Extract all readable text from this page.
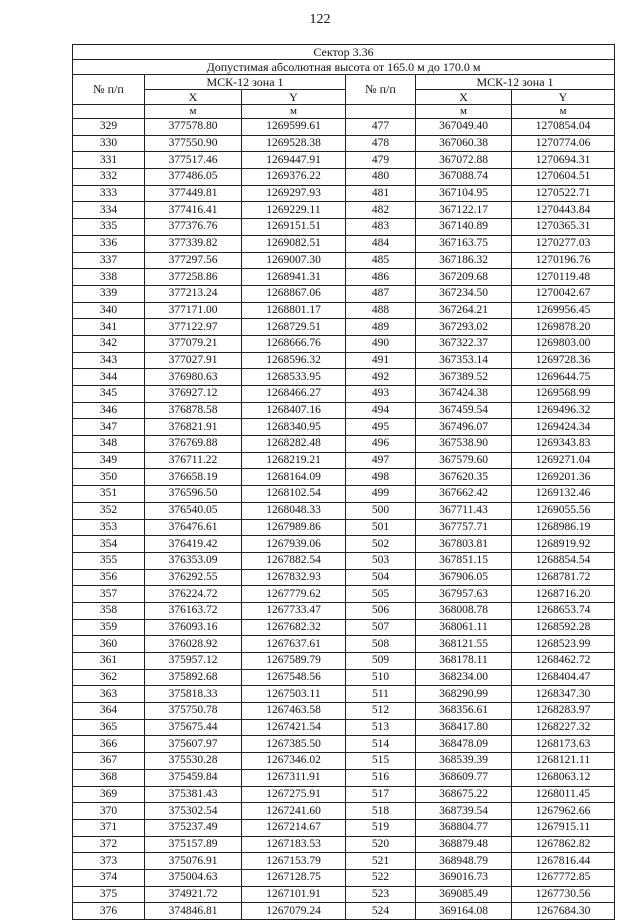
122
Сектор 3.36					
Допустимая абсолютная высота от 165.0 м до 170.0 м					
№ п/п	МСК-12 зона 1		№ п/п	МСК-12 зона 1	
	X	Y		X	Y
	м	м		м	м
329	377578.80	1269599.61	477	367049.40	1270854.04
330	377550.90	1269528.38	478	367060.38	1270774.06
331	377517.46	1269447.91	479	367072.88	1270694.31
332	377486.05	1269376.22	480	367088.74	1270604.51
333	377449.81	1269297.93	481	367104.95	1270522.71
334	377416.41	1269229.11	482	367122.17	1270443.84
335	377376.76	1269151.51	483	367140.89	1270365.31
336	377339.82	1269082.51	484	367163.75	1270277.03
337	377297.56	1269007.30	485	367186.32	1270196.76
338	377258.86	1268941.31	486	367209.68	1270119.48
339	377213.24	1268867.06	487	367234.50	1270042.67
340	377171.00	1268801.17	488	367264.21	1269956.45
341	377122.97	1268729.51	489	367293.02	1269878.20
342	377079.21	1268666.76	490	367322.37	1269803.00
343	377027.91	1268596.32	491	367353.14	1269728.36
344	376980.63	1268533.95	492	367389.52	1269644.75
345	376927.12	1268466.27	493	367424.38	1269568.99
346	376878.58	1268407.16	494	367459.54	1269496.32
347	376821.91	1268340.95	495	367496.07	1269424.34
348	376769.88	1268282.48	496	367538.90	1269343.83
349	376711.22	1268219.21	497	367579.60	1269271.04
350	376658.19	1268164.09	498	367620.35	1269201.36
351	376596.50	1268102.54	499	367662.42	1269132.46
352	376540.05	1268048.33	500	367711.43	1269055.56
353	376476.61	1267989.86	501	367757.71	1268986.19
354	376419.42	1267939.06	502	367803.81	1268919.92
355	376353.09	1267882.54	503	367851.15	1268854.54
356	376292.55	1267832.93	504	367906.05	1268781.72
357	376224.72	1267779.62	505	367957.63	1268716.20
358	376163.72	1267733.47	506	368008.78	1268653.74
359	376093.16	1267682.32	507	368061.11	1268592.28
360	376028.92	1267637.61	508	368121.55	1268523.99
361	375957.12	1267589.79	509	368178.11	1268462.72
362	375892.68	1267548.56	510	368234.00	1268404.47
363	375818.33	1267503.11	511	368290.99	1268347.30
364	375750.78	1267463.58	512	368356.61	1268283.97
365	375675.44	1267421.54	513	368417.80	1268227.32
366	375607.97	1267385.50	514	368478.09	1268173.63
367	375530.28	1267346.02	515	368539.39	1268121.11
368	375459.84	1267311.91	516	368609.77	1268063.12
369	375381.43	1267275.91	517	368675.22	1268011.45
370	375302.54	1267241.60	518	368739.54	1267962.66
371	375237.49	1267214.67	519	368804.77	1267915.11
372	375157.89	1267183.53	520	368879.48	1267862.82
373	375076.91	1267153.79	521	368948.79	1267816.44
374	375004.63	1267128.75	522	369016.73	1267772.85
375	374921.72	1267101.91	523	369085.49	1267730.56
376	374846.81	1267079.24	524	369164.08	1267684.30
